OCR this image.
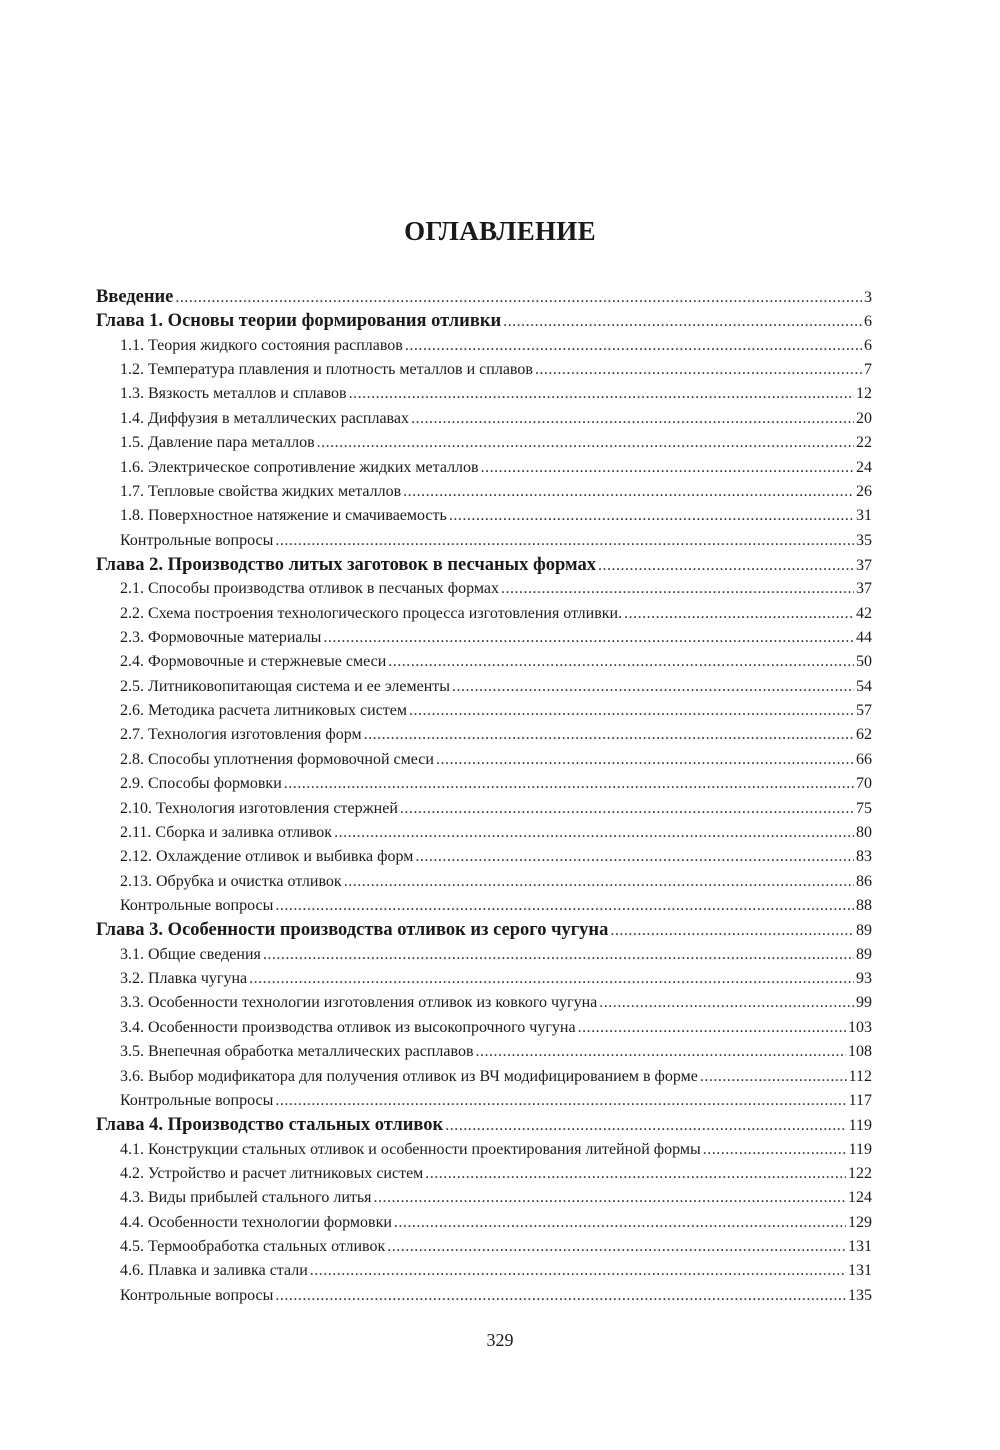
ОГЛАВЛЕНИЕ
Введение .....	3
Глава 1. Основы теории формирования отливки .....	6
1.1. Теория жидкого состояния расплавов .....	6
1.2. Температура плавления и плотность металлов и сплавов .....	7
1.3. Вязкость металлов и сплавов .....	12
1.4. Диффузия в металлических расплавах .....	20
1.5. Давление пара металлов .....	22
1.6. Электрическое сопротивление жидких металлов .....	24
1.7. Тепловые свойства жидких металлов .....	26
1.8. Поверхностное натяжение и смачиваемость .....	31
Контрольные вопросы .....	35
Глава 2. Производство литых заготовок в песчаных формах .....	37
2.1. Способы производства отливок в песчаных формах .....	37
2.2. Схема построения технологического процесса изготовления отливки. .....	42
2.3. Формовочные материалы .....	44
2.4. Формовочные и стержневые смеси .....	50
2.5. Литниковопитающая система и ее элементы .....	54
2.6. Методика расчета литниковых систем .....	57
2.7. Технология изготовления форм .....	62
2.8. Способы уплотнения формовочной смеси .....	66
2.9. Способы формовки .....	70
2.10. Технология изготовления стержней .....	75
2.11. Сборка и заливка отливок .....	80
2.12. Охлаждение отливок и выбивка форм .....	83
2.13. Обрубка и очистка отливок .....	86
Контрольные вопросы .....	88
Глава 3. Особенности производства отливок из серого чугуна .....	89
3.1. Общие сведения .....	89
3.2. Плавка чугуна .....	93
3.3. Особенности технологии изготовления отливок из ковкого чугуна .....	99
3.4. Особенности производства отливок из высокопрочного чугуна .....	103
3.5. Внепечная обработка металлических расплавов .....	108
3.6. Выбор модификатора для получения отливок из ВЧ модифицированием в форме .....	112
Контрольные вопросы .....	117
Глава 4. Производство стальных отливок .....	119
4.1. Конструкции стальных отливок и особенности проектирования литейной формы .....	119
4.2. Устройство и расчет литниковых систем .....	122
4.3. Виды прибылей стального литья .....	124
4.4. Особенности технологии формовки .....	129
4.5. Термообработка стальных отливок .....	131
4.6. Плавка и заливка стали .....	131
Контрольные вопросы .....	135
329
